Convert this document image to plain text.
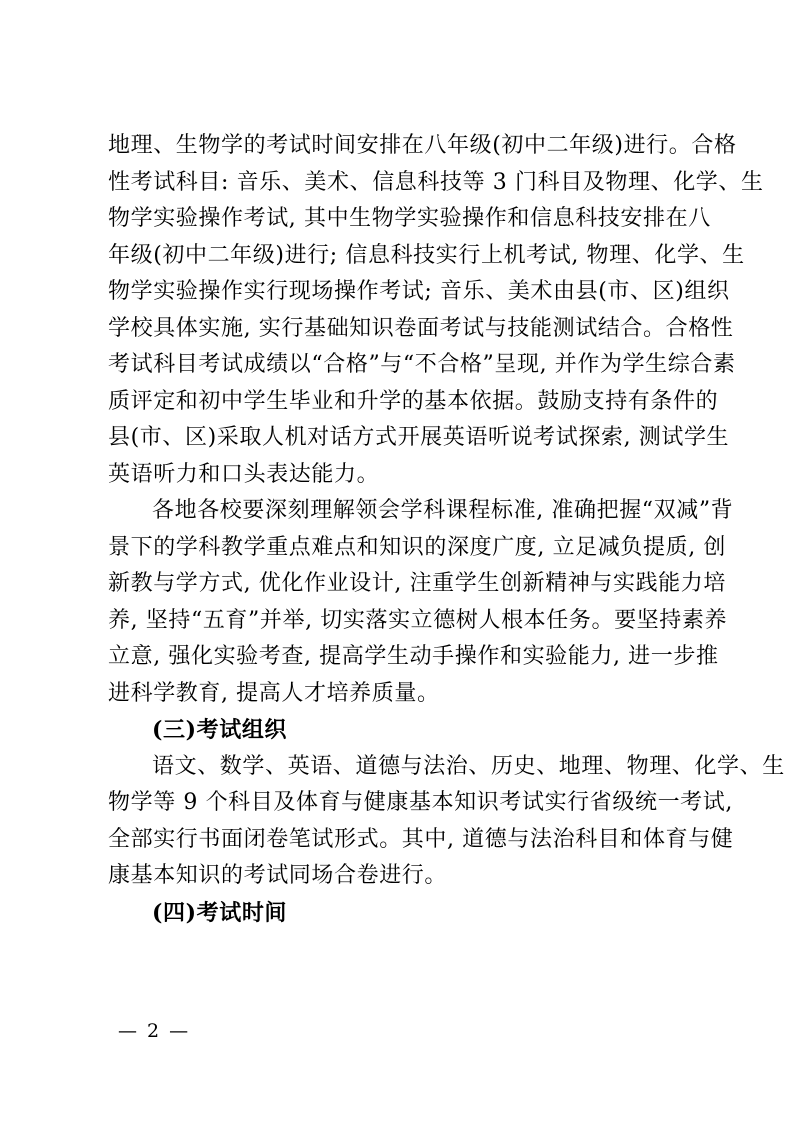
地理、生物学的考试时间安排在八年级(初中二年级)进行。合格
性考试科目: 音乐、美术、信息科技等 3 门科目及物理、化学、生
物学实验操作考试, 其中生物学实验操作和信息科技安排在八
年级(初中二年级)进行; 信息科技实行上机考试, 物理、化学、生
物学实验操作实行现场操作考试; 音乐、美术由县(市、区)组织
学校具体实施, 实行基础知识卷面考试与技能测试结合。合格性
考试科目考试成绩以“合格”与“不合格”呈现, 并作为学生综合素
质评定和初中学生毕业和升学的基本依据。鼓励支持有条件的
县(市、区)采取人机对话方式开展英语听说考试探索, 测试学生
英语听力和口头表达能力。
各地各校要深刻理解领会学科课程标准, 准确把握“双减”背
景下的学科教学重点难点和知识的深度广度, 立足减负提质, 创
新教与学方式, 优化作业设计, 注重学生创新精神与实践能力培
养, 坚持“五育”并举, 切实落实立德树人根本任务。要坚持素养
立意, 强化实验考查, 提高学生动手操作和实验能力, 进一步推
进科学教育, 提高人才培养质量。
(三)考试组织
语文、数学、英语、道德与法治、历史、地理、物理、化学、生
物学等 9 个科目及体育与健康基本知识考试实行省级统一考试,
全部实行书面闭卷笔试形式。其中, 道德与法治科目和体育与健
康基本知识的考试同场合卷进行。
(四)考试时间
— 2 —
